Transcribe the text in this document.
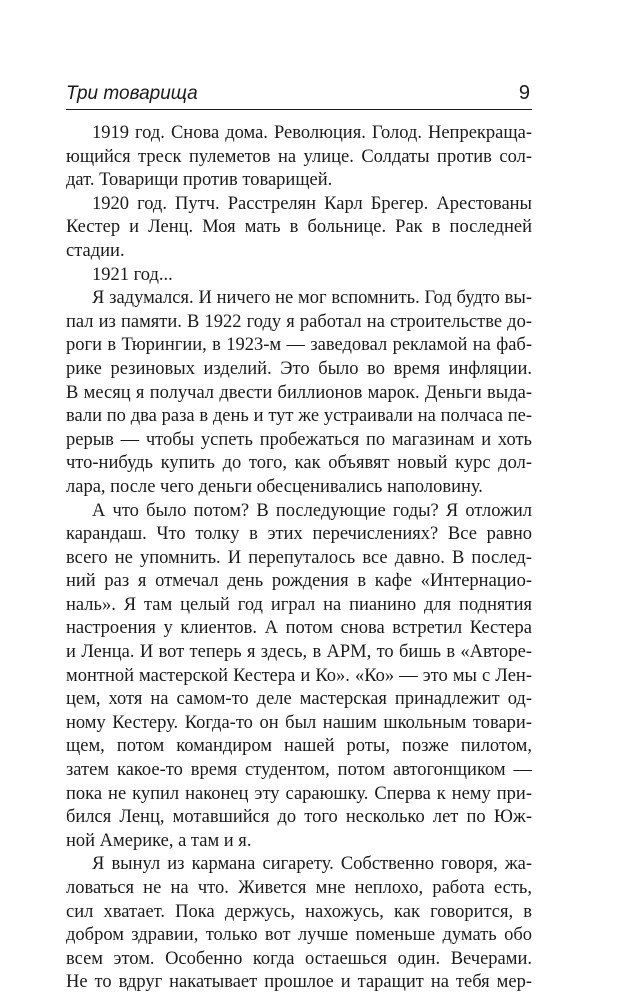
Три товарища	9
1919 год. Снова дома. Революция. Голод. Непрекраща-
ющийся треск пулеметов на улице. Солдаты против сол-
дат. Товарищи против товарищей.
1920 год. Путч. Расстрелян Карл Брегер. Арестованы
Кестер и Ленц. Моя мать в больнице. Рак в последней
стадии.
1921 год...
Я задумался. И ничего не мог вспомнить. Год будто вы-
пал из памяти. В 1922 году я работал на строительстве до-
роги в Тюрингии, в 1923-м — заведовал рекламой на фаб-
рике резиновых изделий. Это было во время инфляции.
В месяц я получал двести биллионов марок. Деньги выда-
вали по два раза в день и тут же устраивали на полчаса пе-
рерыв — чтобы успеть пробежаться по магазинам и хоть
что-нибудь купить до того, как объявят новый курс дол-
лара, после чего деньги обесценивались наполовину.
А что было потом? В последующие годы? Я отложил
карандаш. Что толку в этих перечислениях? Все равно
всего не упомнить. И перепуталось все давно. В послед-
ний раз я отмечал день рождения в кафе «Интернацио-
наль». Я там целый год играл на пианино для поднятия
настроения у клиентов. А потом снова встретил Кестера
и Ленца. И вот теперь я здесь, в АРМ, то бишь в «Авторе-
монтной мастерской Кестера и Ко». «Ко» — это мы с Лен-
цем, хотя на самом-то деле мастерская принадлежит од-
ному Кестеру. Когда-то он был нашим школьным товари-
щем, потом командиром нашей роты, позже пилотом,
затем какое-то время студентом, потом автогонщиком —
пока не купил наконец эту сараюшку. Сперва к нему при-
бился Ленц, мотавшийся до того несколько лет по Юж-
ной Америке, а там и я.
Я вынул из кармана сигарету. Собственно говоря, жа-
ловаться не на что. Живется мне неплохо, работа есть,
сил хватает. Пока держусь, нахожусь, как говорится, в
добром здравии, только вот лучше поменьше думать обо
всем этом. Особенно когда остаешься один. Вечерами.
Не то вдруг накатывает прошлое и таращит на тебя мер-
